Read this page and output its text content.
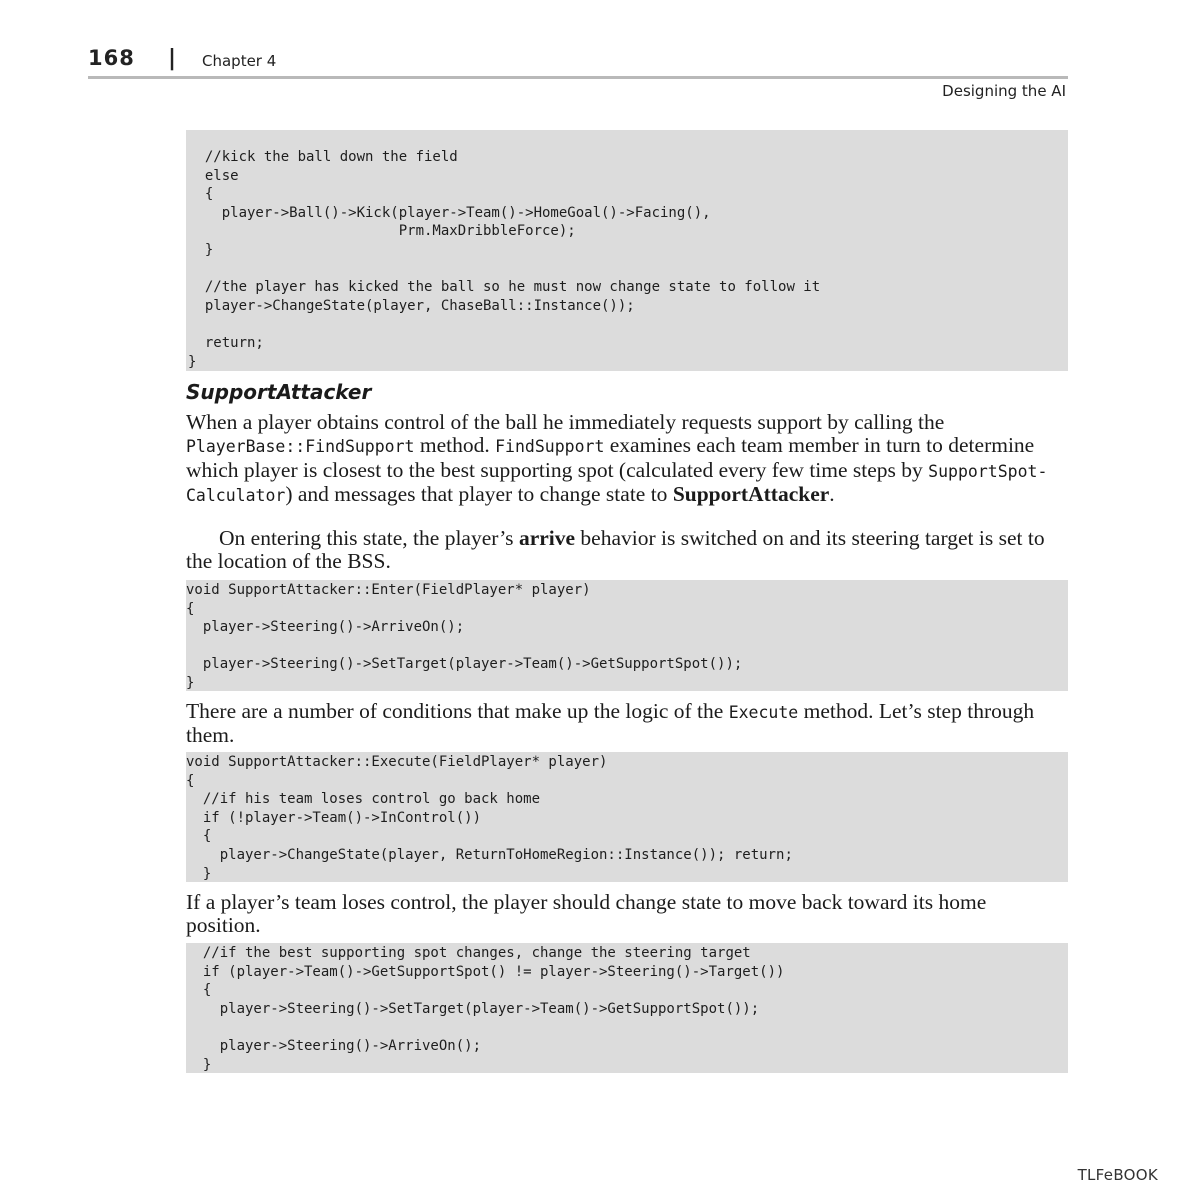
168 | Chapter 4
Designing the AI
//kick the ball down the field
else
{
player->Ball()->Kick(player->Team()->HomeGoal()->Facing(),
Prm.MaxDribbleForce);
}

//the player has kicked the ball so he must now change state to follow it
player->ChangeState(player, ChaseBall::Instance());

return;
}
SupportAttacker

When a player obtains control of the ball he immediately requests support by calling the PlayerBase::FindSupport method. FindSupport examines each team member in turn to determine which player is closest to the best supporting spot (calculated every few time steps by SupportSpot-Calculator) and messages that player to change state to SupportAttacker.

On entering this state, the player’s arrive behavior is switched on and its steering target is set to the location of the BSS.

void SupportAttacker::Enter(FieldPlayer* player)
{
player->Steering()->ArriveOn();

player->Steering()->SetTarget(player->Team()->GetSupportSpot());
}

There are a number of conditions that make up the logic of the Execute method. Let’s step through them.

void SupportAttacker::Execute(FieldPlayer* player)
{
//if his team loses control go back home
if (!player->Team()->InControl())
{
player->ChangeState(player, ReturnToHomeRegion::Instance()); return;
}

If a player’s team loses control, the player should change state to move back toward its home position.

//if the best supporting spot changes, change the steering target
if (player->Team()->GetSupportSpot() != player->Steering()->Target())
{
player->Steering()->SetTarget(player->Team()->GetSupportSpot());

player->Steering()->ArriveOn();
}
TLFeBOOK
